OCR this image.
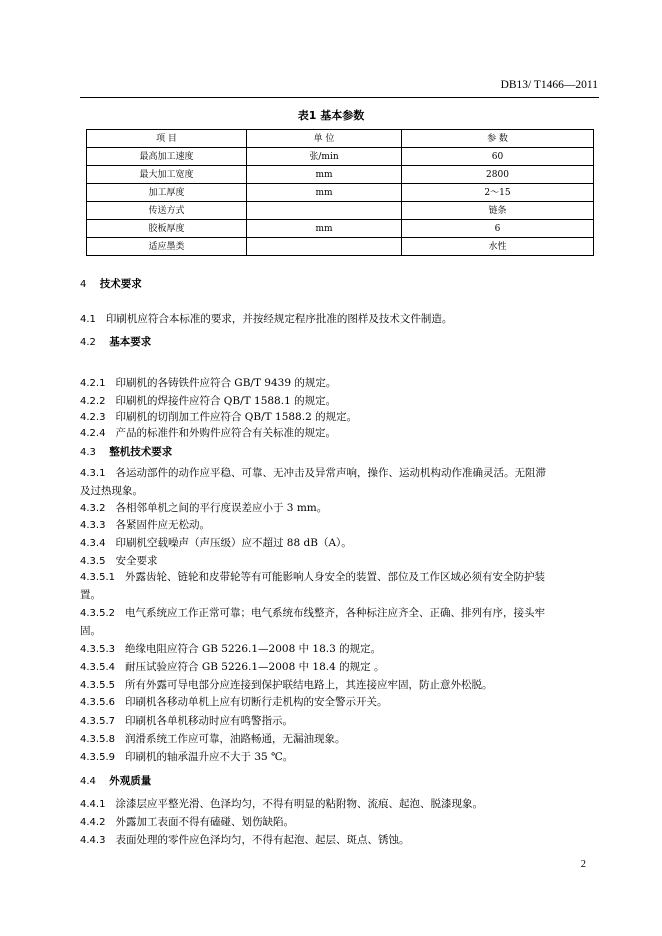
DB13/ T1466—2011
表1 基本参数
项 目	单 位	参 数
最高加工速度	张/min	60
最大加工宽度	mm	2800
加工厚度	mm	2～15
传送方式		链条
胶板厚度	mm	6
适应墨类		水性
4 技术要求
4.1 印刷机应符合本标准的要求，并按经规定程序批准的图样及技术文件制造。
4.2 基本要求
4.2.1 印刷机的各铸铁件应符合 GB/T 9439 的规定。
4.2.2 印刷机的焊接件应符合 QB/T 1588.1 的规定。
4.2.3 印刷机的切削加工件应符合 QB/T 1588.2 的规定。
4.2.4 产品的标准件和外购件应符合有关标准的规定。
4.3 整机技术要求
4.3.1 各运动部件的动作应平稳、可靠、无冲击及异常声响，操作、运动机构动作准确灵活。无阻滞
及过热现象。
4.3.2 各相邻单机之间的平行度误差应小于 3 mm。
4.3.3 各紧固件应无松动。
4.3.4 印刷机空载噪声（声压级）应不超过 88 dB（A）。
4.3.5 安全要求
4.3.5.1 外露齿轮、链轮和皮带轮等有可能影响人身安全的装置、部位及工作区域必须有安全防护装
置。
4.3.5.2 电气系统应工作正常可靠；电气系统布线整齐，各种标注应齐全、正确、排列有序，接头牢
固。
4.3.5.3 绝缘电阻应符合 GB 5226.1—2008 中 18.3 的规定。
4.3.5.4 耐压试验应符合 GB 5226.1—2008 中 18.4 的规定 。
4.3.5.5 所有外露可导电部分应连接到保护联结电路上，其连接应牢固，防止意外松脱。
4.3.5.6 印刷机各移动单机上应有切断行走机构的安全警示开关。
4.3.5.7 印刷机各单机移动时应有鸣警指示。
4.3.5.8 润滑系统工作应可靠，油路畅通，无漏油现象。
4.3.5.9 印刷机的轴承温升应不大于 35 ℃。
4.4 外观质量
4.4.1 涂漆层应平整光滑、色泽均匀，不得有明显的粘附物、流痕、起泡、脱漆现象。
4.4.2 外露加工表面不得有磕碰、划伤缺陷。
4.4.3 表面处理的零件应色泽均匀，不得有起泡、起层、斑点、锈蚀。
2
